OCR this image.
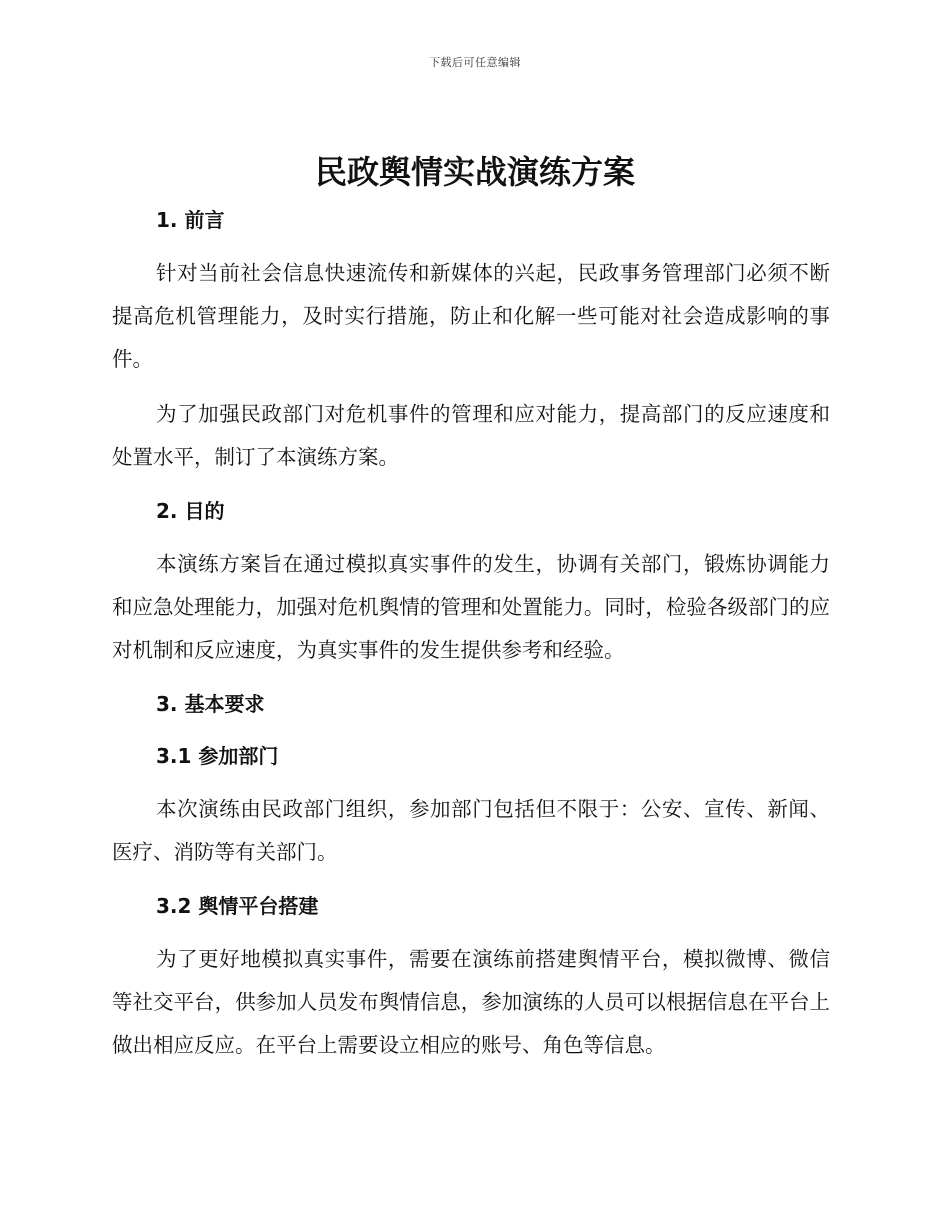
下载后可任意编辑
民政舆情实战演练方案
1. 前言

针对当前社会信息快速流传和新媒体的兴起，民政事务管理部门必须不断提高危机管理能力，及时实行措施，防止和化解一些可能对社会造成影响的事件。

为了加强民政部门对危机事件的管理和应对能力，提高部门的反应速度和处置水平，制订了本演练方案。

2. 目的

本演练方案旨在通过模拟真实事件的发生，协调有关部门，锻炼协调能力和应急处理能力，加强对危机舆情的管理和处置能力。同时，检验各级部门的应对机制和反应速度，为真实事件的发生提供参考和经验。

3. 基本要求
3.1 参加部门

本次演练由民政部门组织，参加部门包括但不限于：公安、宣传、新闻、医疗、消防等有关部门。

3.2 舆情平台搭建

为了更好地模拟真实事件，需要在演练前搭建舆情平台，模拟微博、微信等社交平台，供参加人员发布舆情信息，参加演练的人员可以根据信息在平台上做出相应反应。在平台上需要设立相应的账号、角色等信息。
